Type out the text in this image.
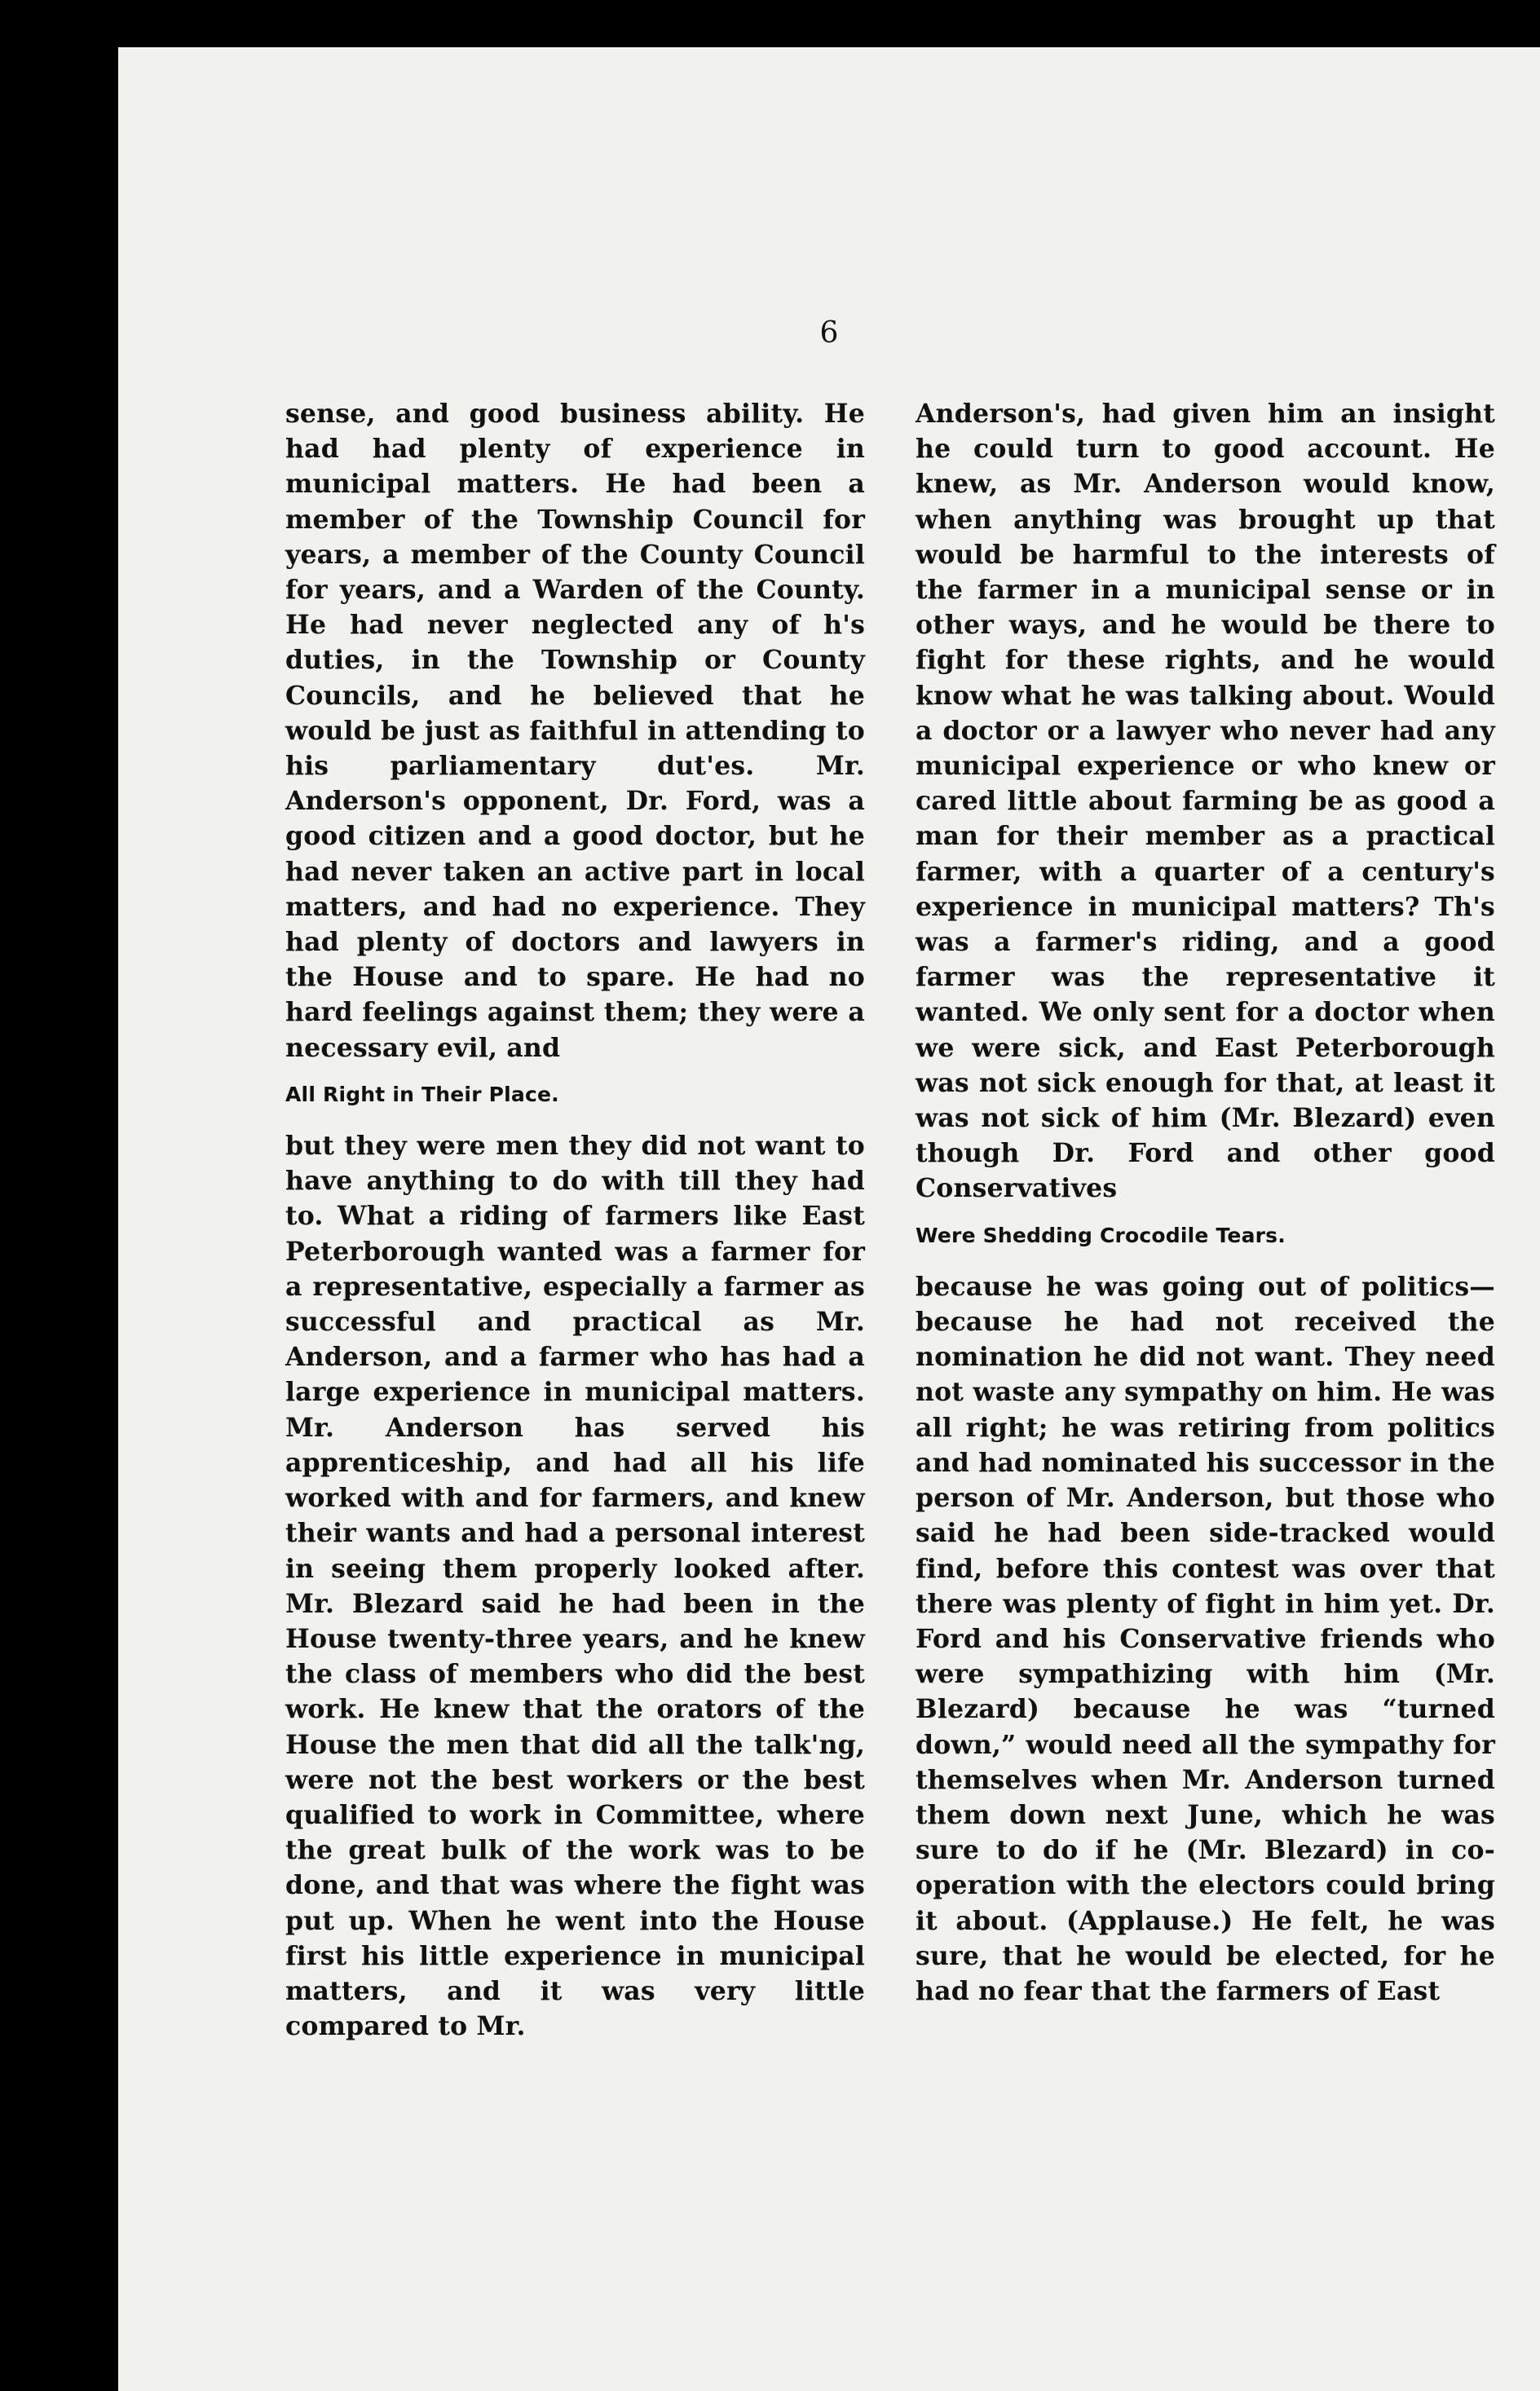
6

sense, and good business ability. He had had plenty of experience in municipal matters. He had been a member of the Township Council for years, a member of the County Council for years, and a Warden of the County. He had never neglected any of h's duties, in the Township or County Councils, and he believed that he would be just as faithful in attending to his parliamentary dut'es. Mr. Anderson's opponent, Dr. Ford, was a good citizen and a good doctor, but he had never taken an active part in local matters, and had no experience. They had plenty of doctors and lawyers in the House and to spare. He had no hard feelings against them; they were a necessary evil, and

All Right in Their Place.

but they were men they did not want to have anything to do with till they had to. What a riding of farmers like East Peterborough wanted was a farmer for a representative, especially a farmer as successful and practical as Mr. Anderson, and a farmer who has had a large experience in municipal matters. Mr. Anderson has served his apprenticeship, and had all his life worked with and for farmers, and knew their wants and had a personal interest in seeing them properly looked after. Mr. Blezard said he had been in the House twenty-three years, and he knew the class of members who did the best work. He knew that the orators of the House the men that did all the talk'ng, were not the best workers or the best qualified to work in Committee, where the great bulk of the work was to be done, and that was where the fight was put up. When he went into the House first his little experience in municipal matters, and it was very little compared to Mr.

Anderson's, had given him an insight he could turn to good account. He knew, as Mr. Anderson would know, when anything was brought up that would be harmful to the interests of the farmer in a municipal sense or in other ways, and he would be there to fight for these rights, and he would know what he was talking about. Would a doctor or a lawyer who never had any municipal experience or who knew or cared little about farming be as good a man for their member as a practical farmer, with a quarter of a century's experience in municipal matters? Th's was a farmer's riding, and a good farmer was the representative it wanted. We only sent for a doctor when we were sick, and East Peterborough was not sick enough for that, at least it was not sick of him (Mr. Blezard) even though Dr. Ford and other good Conservatives

Were Shedding Crocodile Tears.

because he was going out of politics—because he had not received the nomination he did not want. They need not waste any sympathy on him. He was all right; he was retiring from politics and had nominated his successor in the person of Mr. Anderson, but those who said he had been side-tracked would find, before this contest was over that there was plenty of fight in him yet. Dr. Ford and his Conservative friends who were sympathizing with him (Mr. Blezard) because he was “turned down,” would need all the sympathy for themselves when Mr. Anderson turned them down next June, which he was sure to do if he (Mr. Blezard) in co-operation with the electors could bring it about. (Applause.) He felt, he was sure, that he would be elected, for he had no fear that the farmers of East
